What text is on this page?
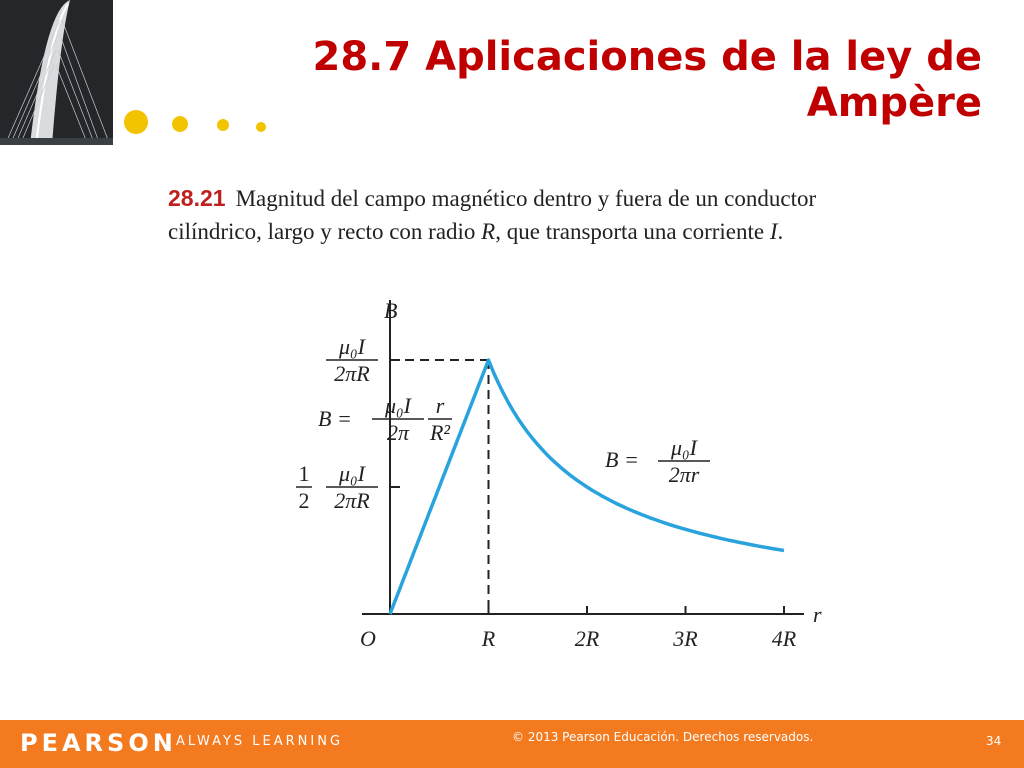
28.7 Aplicaciones de la ley de
Ampère
28.21 Magnitud del campo magnético dentro y fuera de un conductor cilíndrico, largo y recto con radio R, que transporta una corriente I.
B
r
O	R	2R	3R	4R
μ₀I
2πR
μ₀I
2πR
1
2
B =
μ₀I
2π
r
R²
B = μ₀I
2πr
PEARSON ALWAYS LEARNING	© 2013 Pearson Educación. Derechos reservados.	34
